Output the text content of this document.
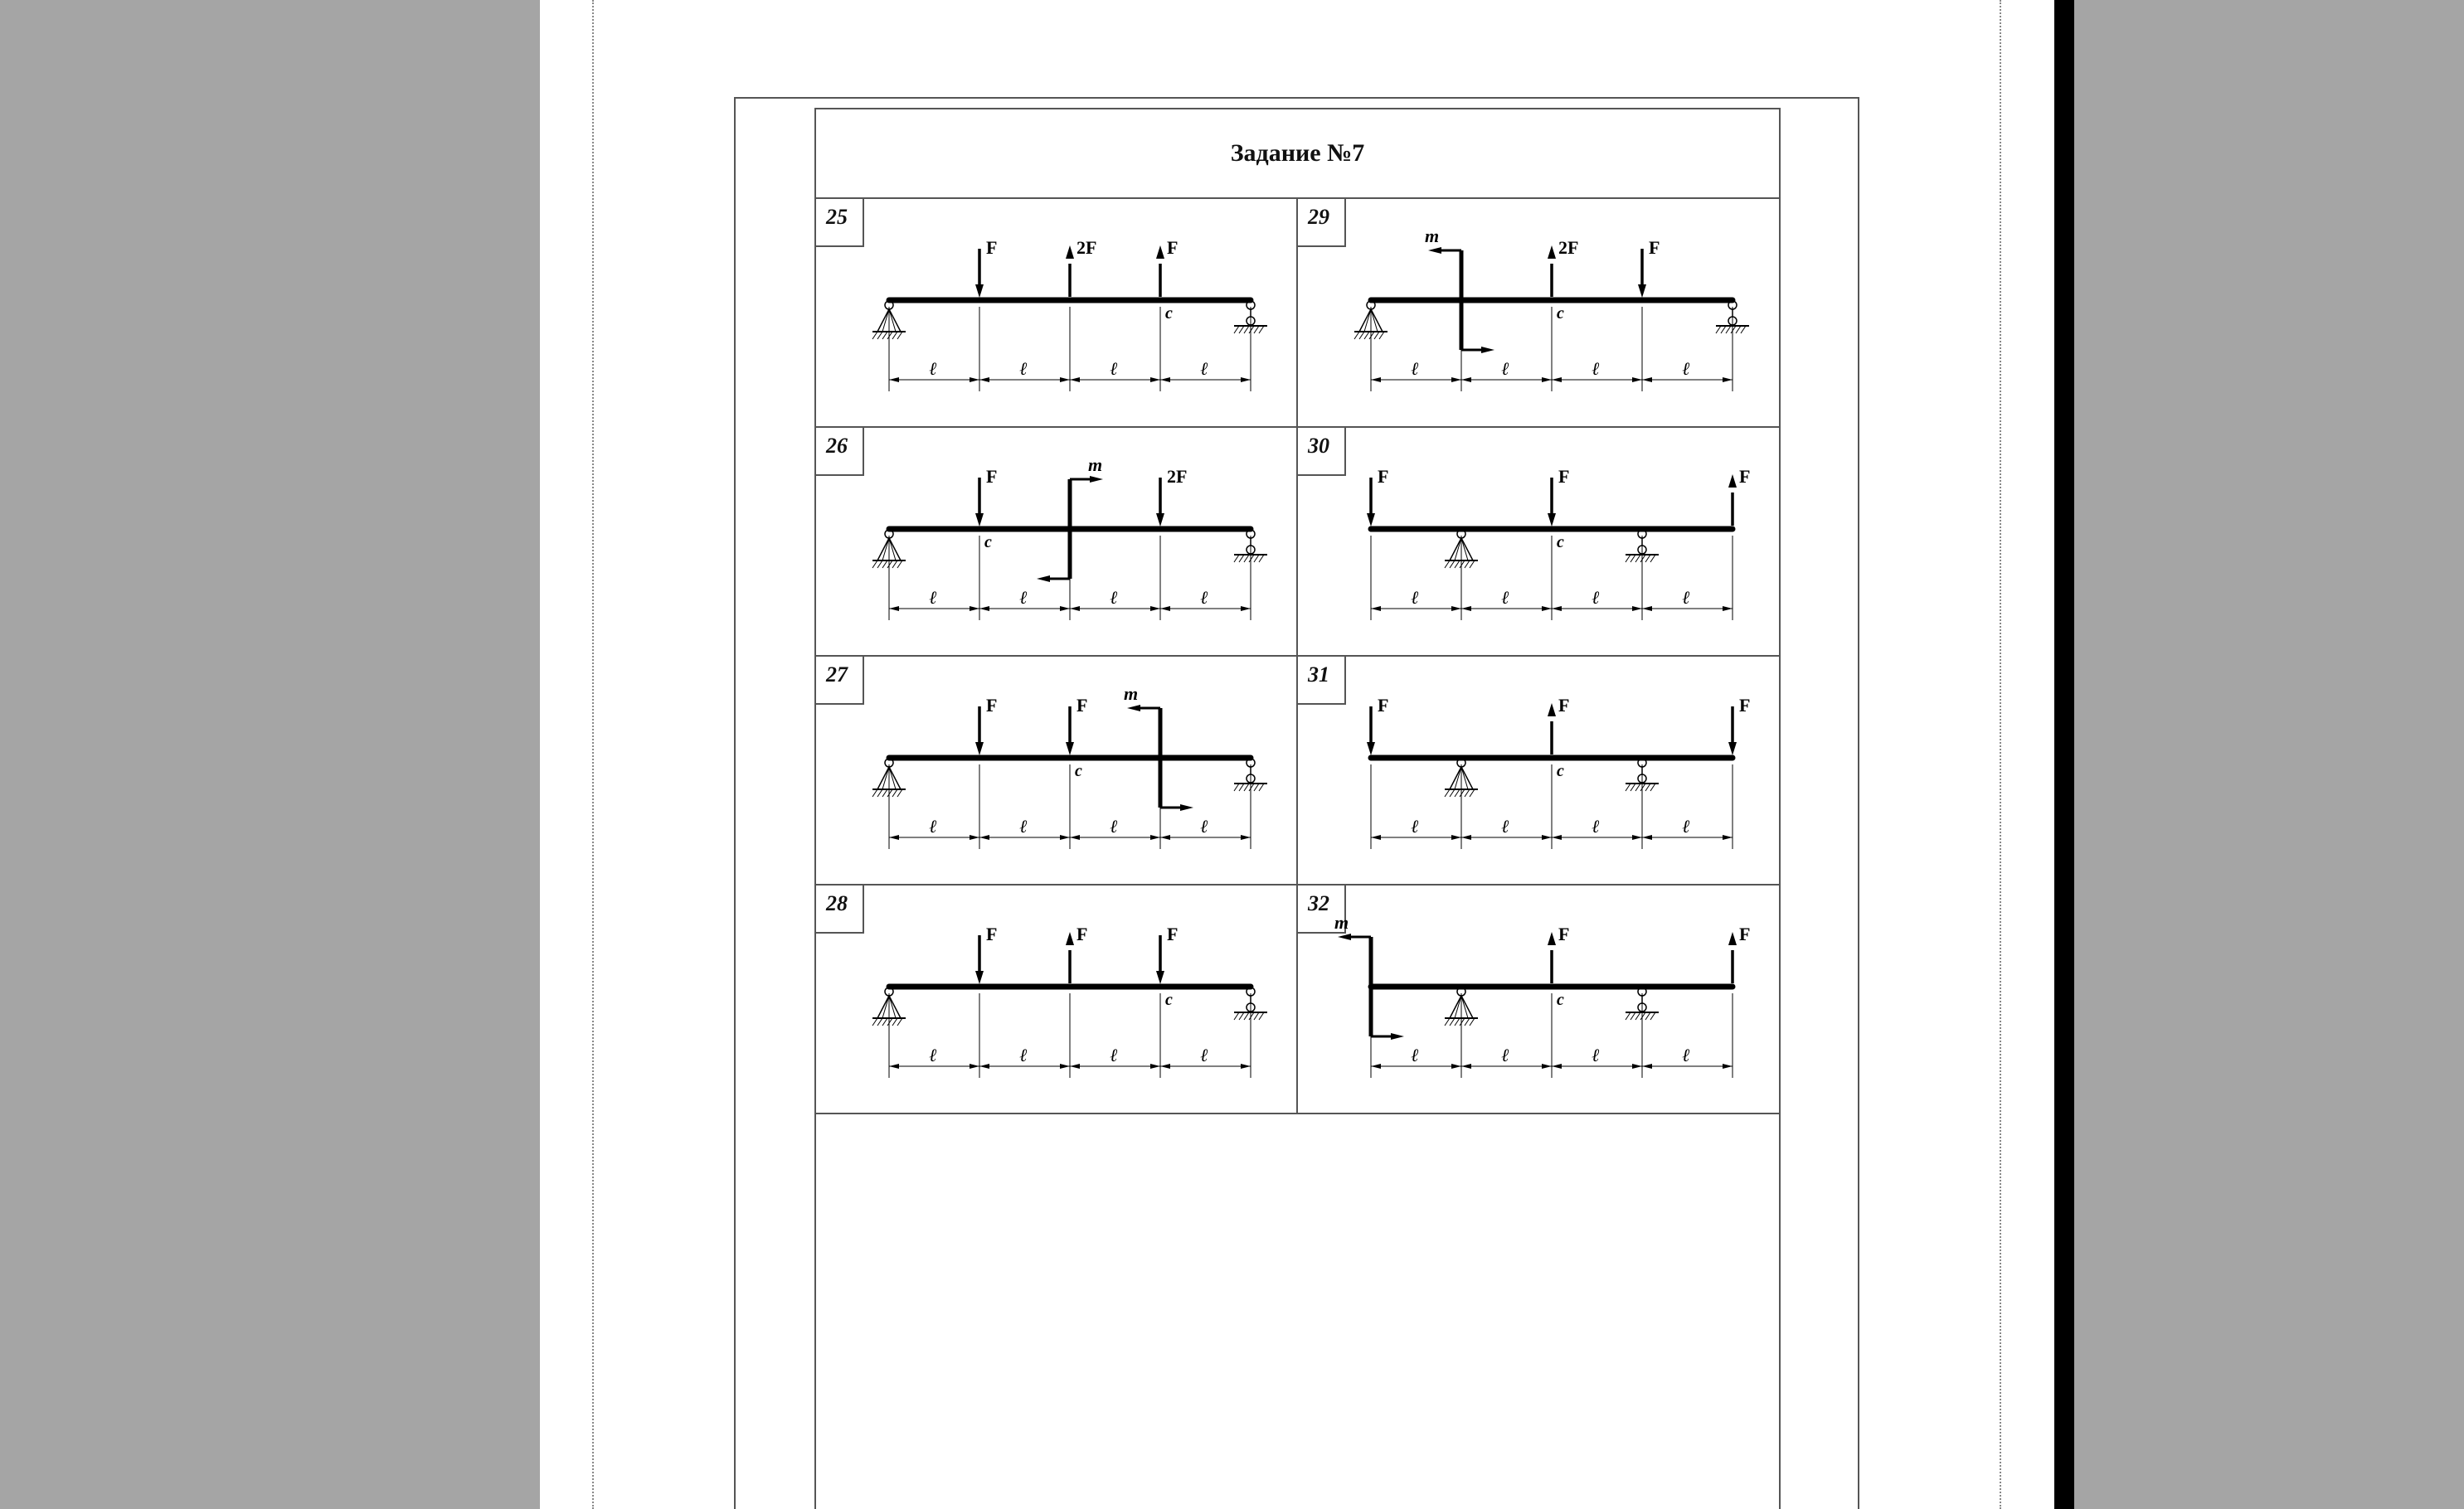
Задание №7
25
ℓ	ℓ	ℓ	ℓ
c
F	2F	F
29
ℓ	ℓ	ℓ	ℓ
c
2F	F
m
26
ℓ	ℓ	ℓ	ℓ
c
F	2F
m
30
ℓ	ℓ	ℓ	ℓ
c
F	F	F
27
ℓ	ℓ	ℓ	ℓ
c
F	F
m
31
ℓ	ℓ	ℓ	ℓ
c
F	F	F
28
ℓ	ℓ	ℓ	ℓ
c
F	F	F
32
ℓ	ℓ	ℓ	ℓ
c
F	F
m
